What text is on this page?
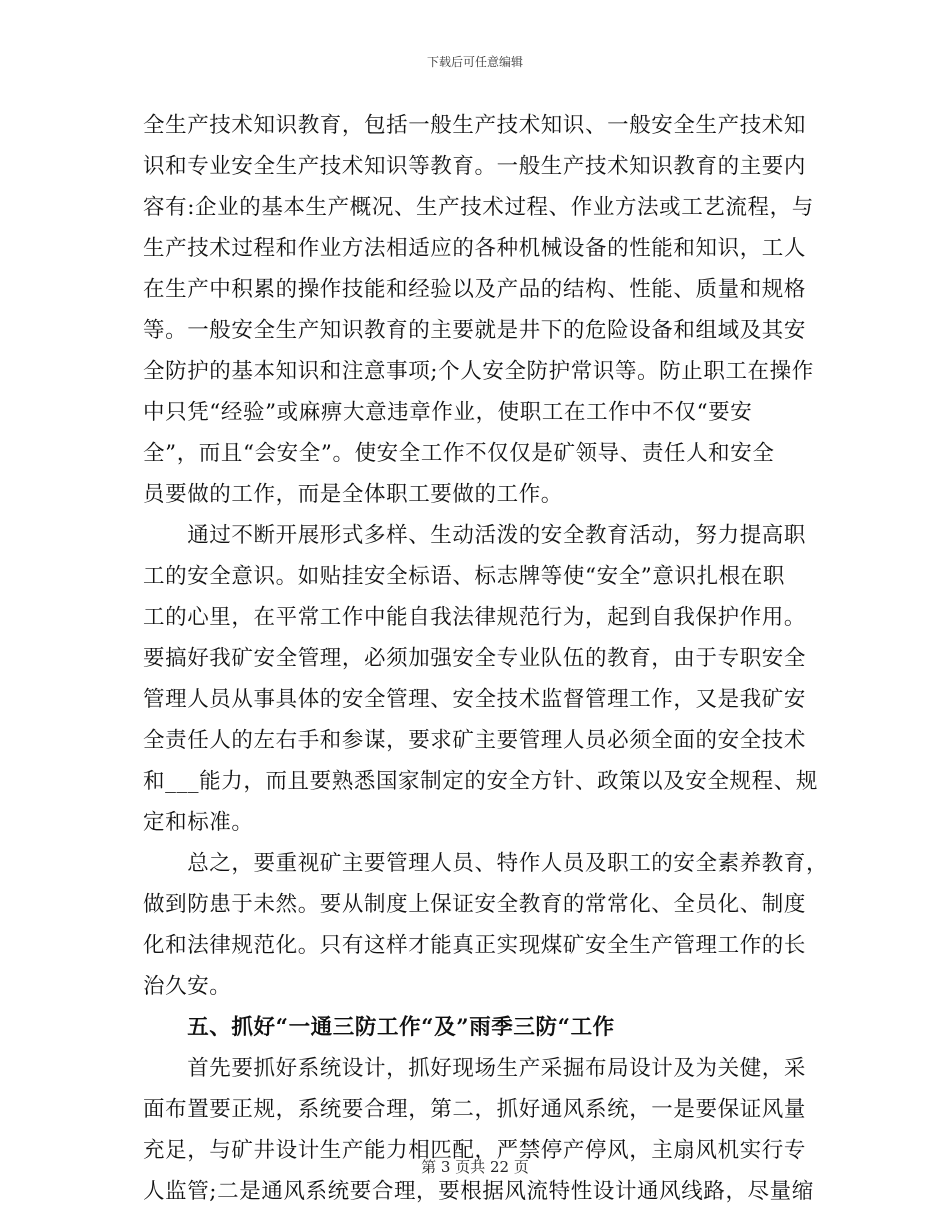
下载后可任意编辑
全生产技术知识教育，包括一般生产技术知识、一般安全生产技术知
识和专业安全生产技术知识等教育。一般生产技术知识教育的主要内
容有:企业的基本生产概况、生产技术过程、作业方法或工艺流程，与
生产技术过程和作业方法相适应的各种机械设备的性能和知识，工人
在生产中积累的操作技能和经验以及产品的结构、性能、质量和规格
等。一般安全生产知识教育的主要就是井下的危险设备和组域及其安
全防护的基本知识和注意事项;个人安全防护常识等。防止职工在操作
中只凭“经验”或麻痹大意违章作业，使职工在工作中不仅“要安
全”，而且“会安全”。使安全工作不仅仅是矿领导、责任人和安全
员要做的工作，而是全体职工要做的工作。
　　通过不断开展形式多样、生动活泼的安全教育活动，努力提高职
工的安全意识。如贴挂安全标语、标志牌等使“安全”意识扎根在职
工的心里，在平常工作中能自我法律规范行为，起到自我保护作用。
要搞好我矿安全管理，必须加强安全专业队伍的教育，由于专职安全
管理人员从事具体的安全管理、安全技术监督管理工作，又是我矿安
全责任人的左右手和参谋，要求矿主要管理人员必须全面的安全技术
和___能力，而且要熟悉国家制定的安全方针、政策以及安全规程、规
定和标准。
　　总之，要重视矿主要管理人员、特作人员及职工的安全素养教育，
做到防患于未然。要从制度上保证安全教育的常常化、全员化、制度
化和法律规范化。只有这样才能真正实现煤矿安全生产管理工作的长
治久安。
　　五、抓好“一通三防工作“及”雨季三防“工作
　　首先要抓好系统设计，抓好现场生产采掘布局设计及为关健，采
面布置要正规，系统要合理，第二，抓好通风系统，一是要保证风量
充足，与矿井设计生产能力相匹配，严禁停产停风，主扇风机实行专
人监管;二是通风系统要合理，要根据风流特性设计通风线路，尽量缩
第 3 页共 22 页
